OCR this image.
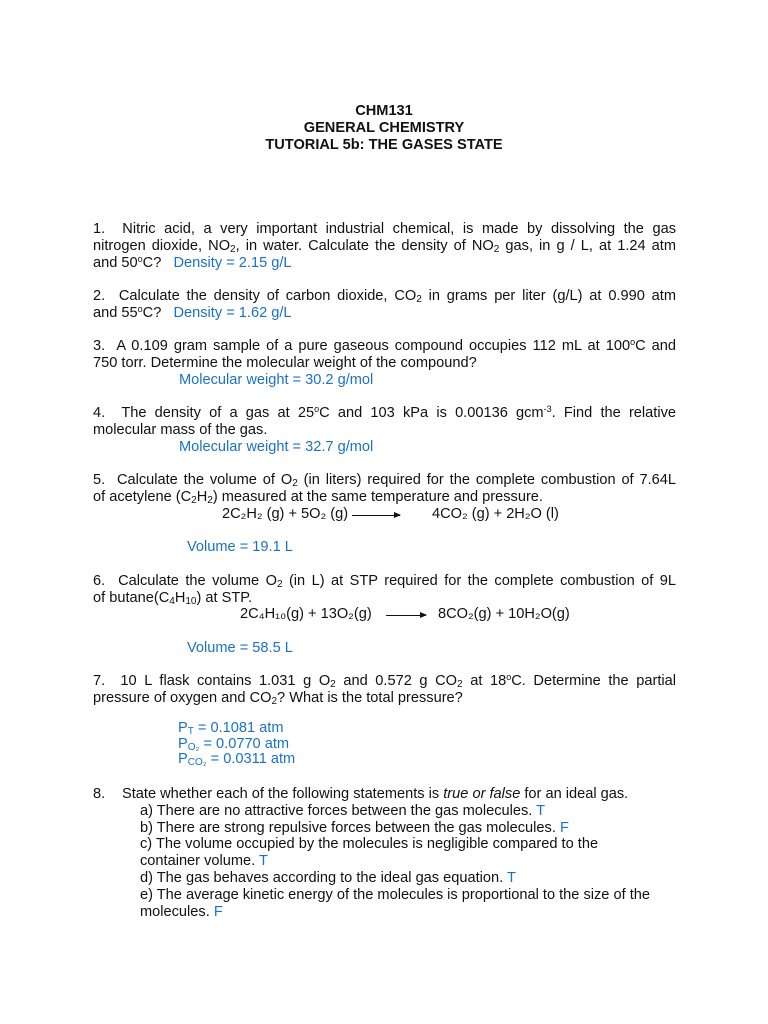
CHM131
GENERAL CHEMISTRY
TUTORIAL 5b: THE GASES STATE
1. Nitric acid, a very important industrial chemical, is made by dissolving the gas
nitrogen dioxide, $NO_2$, in water. Calculate the density of $NO_2$ gas, in g / L, at 1.24 atm
and 50$^o$C? Density = 2.15 g/L
2. Calculate the density of carbon dioxide, $CO_2$ in grams per liter (g/L) at 0.990 atm
and 55$^o$C? Density = 1.62 g/L
3. A 0.109 gram sample of a pure gaseous compound occupies 112 mL at 100$^o$C and
750 torr. Determine the molecular weight of the compound?
Molecular weight = 30.2 g/mol
4. The density of a gas at 25$^o$C and 103 kPa is 0.00136 gcm$^{-3}$. Find the relative
molecular mass of the gas.
Molecular weight = 32.7 g/mol
5. Calculate the volume of $O_2$ (in liters) required for the complete combustion of 7.64L
of acetylene $(C_2H_2)$ measured at the same temperature and pressure.
2C₂H₂ (g) + 5O₂ (g) → 4CO₂ (g) + 2H₂O (l)
Volume = 19.1 L
6. Calculate the volume $O_2$ (in L) at STP required for the complete combustion of 9L
of $butane(C_4H_{10})$ at STP.
2C₄H₁₀(g) + 13O₂(g) → 8CO₂(g) + 10H₂O(g)
Volume = 58.5 L
7. 10 L flask contains 1.031 g $O_2$ and 0.572 g $CO_2$ at 18$^o$C. Determine the partial
pressure of oxygen and $CO_2$? What is the total pressure?
$P_T = 0.1081$ atm
$P_{O_2} = 0.0770$ atm
$P_{CO_2} = 0.0311$ atm
8. State whether each of the following statements is true or false for an ideal gas.
a) There are no attractive forces between the gas molecules. T
b) There are strong repulsive forces between the gas molecules. F
c) The volume occupied by the molecules is negligible compared to the
container volume. T
d) The gas behaves according to the ideal gas equation. T
e) The average kinetic energy of the molecules is proportional to the size of the
molecules. F
